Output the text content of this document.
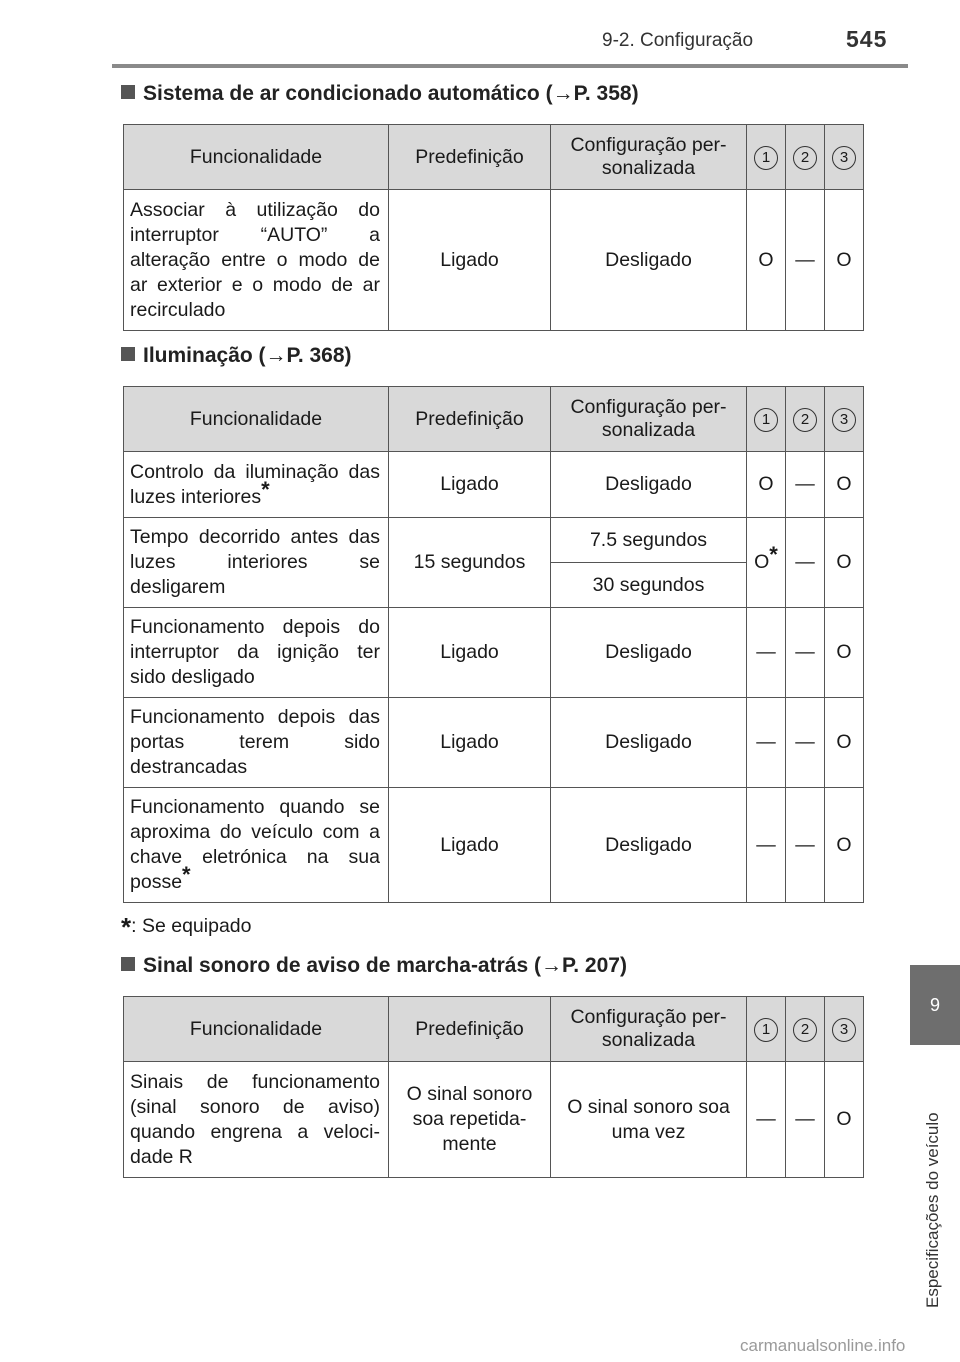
9-2. Configuração	545
9
Especificações do veículo
Sistema de ar condicionado automático (→P. 358)
Funcionalidade	Predefinição	Configuração per-sonalizada	1	2	3
Associar à utilização do interruptor “AUTO” a alteração entre o modo de ar exterior e o modo de ar recirculado	Ligado	Desligado	O	—	O
Iluminação (→P. 368)
Funcionalidade	Predefinição	Configuração per-sonalizada	1	2	3
Controlo da iluminação das luzes interiores*	Ligado	Desligado	O	—	O
Tempo decorrido antes das luzes interiores se desligarem	15 segundos	7.5 segundos	O*	—	O
		30 segundos			
Funcionamento depois do interruptor da ignição ter sido desligado	Ligado	Desligado	—	—	O
Funcionamento depois das portas terem sido destrancadas	Ligado	Desligado	—	—	O
Funcionamento quando se aproxima do veículo com a chave eletrónica na sua posse*	Ligado	Desligado	—	—	O
*: Se equipado
Sinal sonoro de aviso de marcha-atrás (→P. 207)
Funcionalidade	Predefinição	Configuração per-sonalizada	1	2	3
Sinais de funcionamento (sinal sonoro de aviso) quando engrena a veloci-dade R	O sinal sonoro soa repetida-mente	O sinal sonoro soa uma vez	—	—	O
carmanualsonline.info
